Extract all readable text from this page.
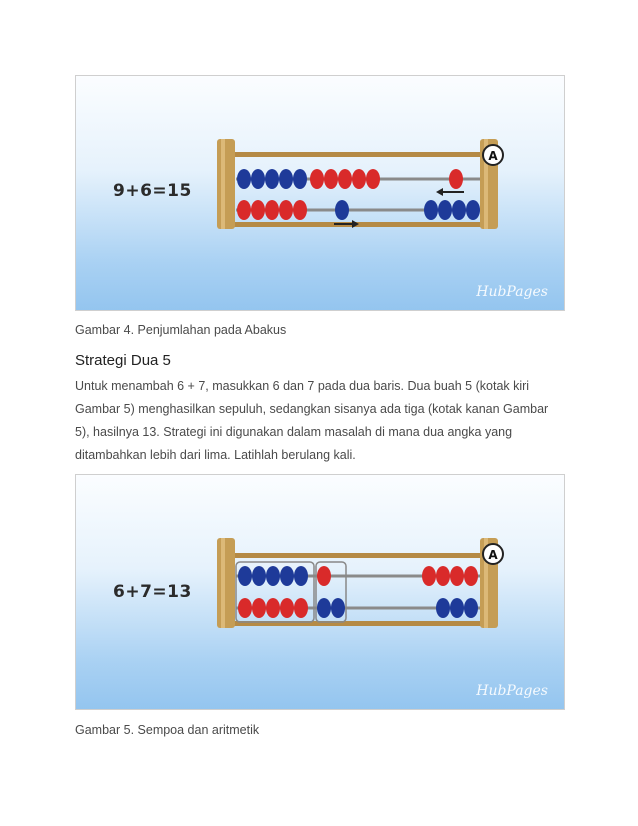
A
9+6=15
HubPages
Gambar 4. Penjumlahan pada Abakus
Strategi Dua 5
Untuk menambah 6 + 7, masukkan 6 dan 7 pada dua baris. Dua buah 5 (kotak kiri
Gambar 5) menghasilkan sepuluh, sedangkan sisanya ada tiga (kotak kanan Gambar
5), hasilnya 13. Strategi ini digunakan dalam masalah di mana dua angka yang
ditambahkan lebih dari lima. Latihlah berulang kali.
A
6+7=13
HubPages
Gambar 5. Sempoa dan aritmetik
